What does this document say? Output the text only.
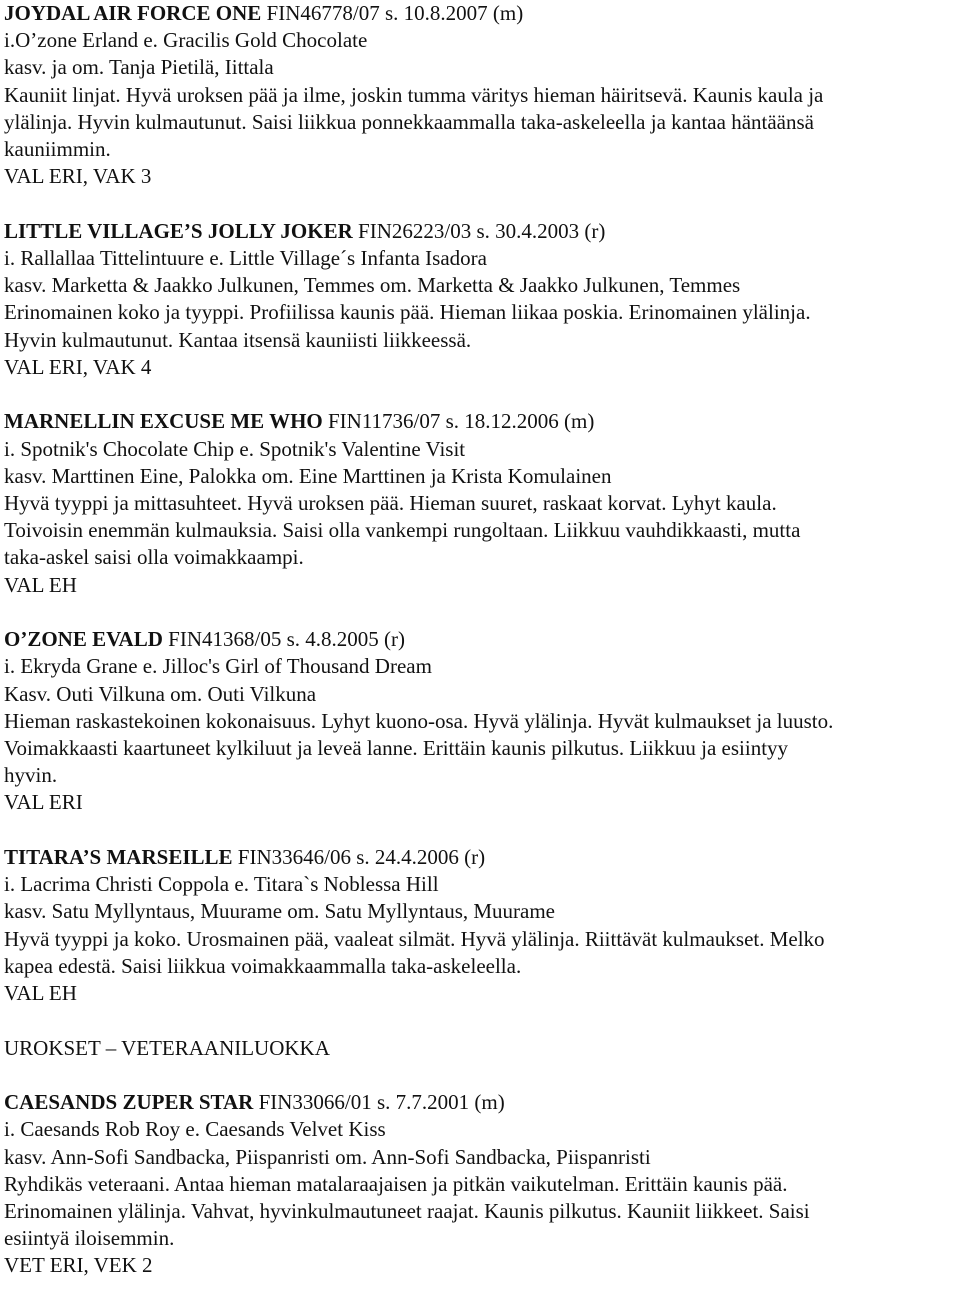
JOYDAL AIR FORCE ONE FIN46778/07 s. 10.8.2007 (m)
i.O’zone Erland e. Gracilis Gold Chocolate
kasv. ja om. Tanja Pietilä, Iittala
Kauniit linjat. Hyvä uroksen pää ja ilme, joskin tumma väritys hieman häiritsevä. Kaunis kaula ja
ylälinja. Hyvin kulmautunut. Saisi liikkua ponnekkaammalla taka-askeleella ja kantaa häntäänsä
kauniimmin.
VAL ERI, VAK 3
LITTLE VILLAGE’S JOLLY JOKER FIN26223/03 s. 30.4.2003 (r)
i. Rallallaa Tittelintuure e. Little Village´s Infanta Isadora
kasv. Marketta & Jaakko Julkunen, Temmes om. Marketta & Jaakko Julkunen, Temmes
Erinomainen koko ja tyyppi. Profiilissa kaunis pää. Hieman liikaa poskia. Erinomainen ylälinja.
Hyvin kulmautunut. Kantaa itsensä kauniisti liikkeessä.
VAL ERI, VAK 4
MARNELLIN EXCUSE ME WHO FIN11736/07 s. 18.12.2006 (m)
i. Spotnik's Chocolate Chip e. Spotnik's Valentine Visit
kasv. Marttinen Eine, Palokka om. Eine Marttinen ja Krista Komulainen
Hyvä tyyppi ja mittasuhteet. Hyvä uroksen pää. Hieman suuret, raskaat korvat. Lyhyt kaula.
Toivoisin enemmän kulmauksia. Saisi olla vankempi rungoltaan. Liikkuu vauhdikkaasti, mutta
taka-askel saisi olla voimakkaampi.
VAL EH
O’ZONE EVALD FIN41368/05 s. 4.8.2005 (r)
i. Ekryda Grane e. Jilloc's Girl of Thousand Dream
Kasv. Outi Vilkuna om. Outi Vilkuna
Hieman raskastekoinen kokonaisuus. Lyhyt kuono-osa. Hyvä ylälinja. Hyvät kulmaukset ja luusto.
Voimakkaasti kaartuneet kylkiluut ja leveä lanne. Erittäin kaunis pilkutus. Liikkuu ja esiintyy
hyvin.
VAL ERI
TITARA’S MARSEILLE FIN33646/06 s. 24.4.2006 (r)
i. Lacrima Christi Coppola e. Titara`s Noblessa Hill
kasv. Satu Myllyntaus, Muurame om. Satu Myllyntaus, Muurame
Hyvä tyyppi ja koko. Urosmainen pää, vaaleat silmät. Hyvä ylälinja. Riittävät kulmaukset. Melko
kapea edestä. Saisi liikkua voimakkaammalla taka-askeleella.
VAL EH
UROKSET – VETERAANILUOKKA
CAESANDS ZUPER STAR FIN33066/01 s. 7.7.2001 (m)
i. Caesands Rob Roy e. Caesands Velvet Kiss
kasv. Ann-Sofi Sandbacka, Piispanristi om. Ann-Sofi Sandbacka, Piispanristi
Ryhdikäs veteraani. Antaa hieman matalaraajaisen ja pitkän vaikutelman. Erittäin kaunis pää.
Erinomainen ylälinja. Vahvat, hyvinkulmautuneet raajat. Kaunis pilkutus. Kauniit liikkeet. Saisi
esiintyä iloisemmin.
VET ERI, VEK 2
